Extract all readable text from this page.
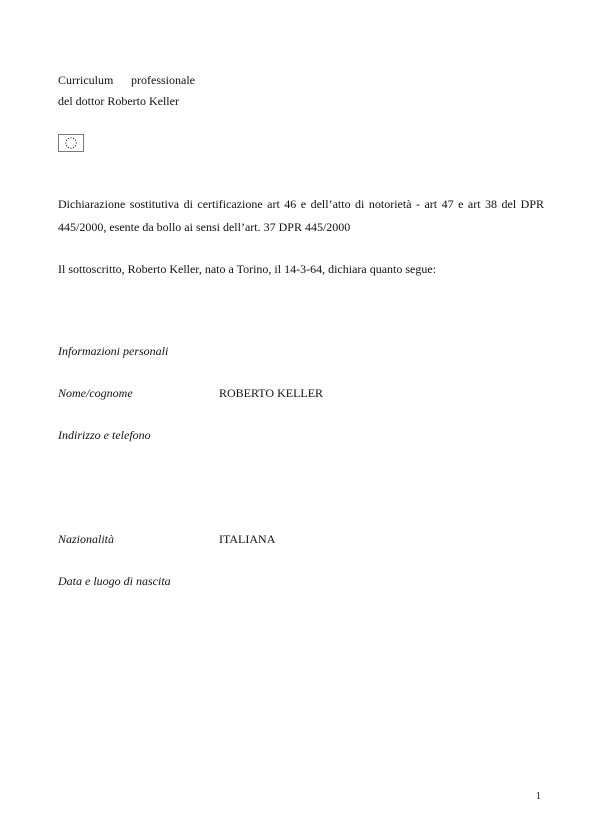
Curriculum professionale
del dottor Roberto Keller
Dichiarazione sostitutiva di certificazione art 46 e dell’atto di notorietà - art 47 e art 38 del DPR 445/2000, esente da bollo ai sensi dell’art. 37 DPR 445/2000
Il sottoscritto, Roberto Keller, nato a Torino, il 14-3-64, dichiara quanto segue:
Informazioni personali
Nome/cognome	ROBERTO KELLER
Indirizzo e telefono
Nazionalità	ITALIANA
Data e luogo di nascita
1
